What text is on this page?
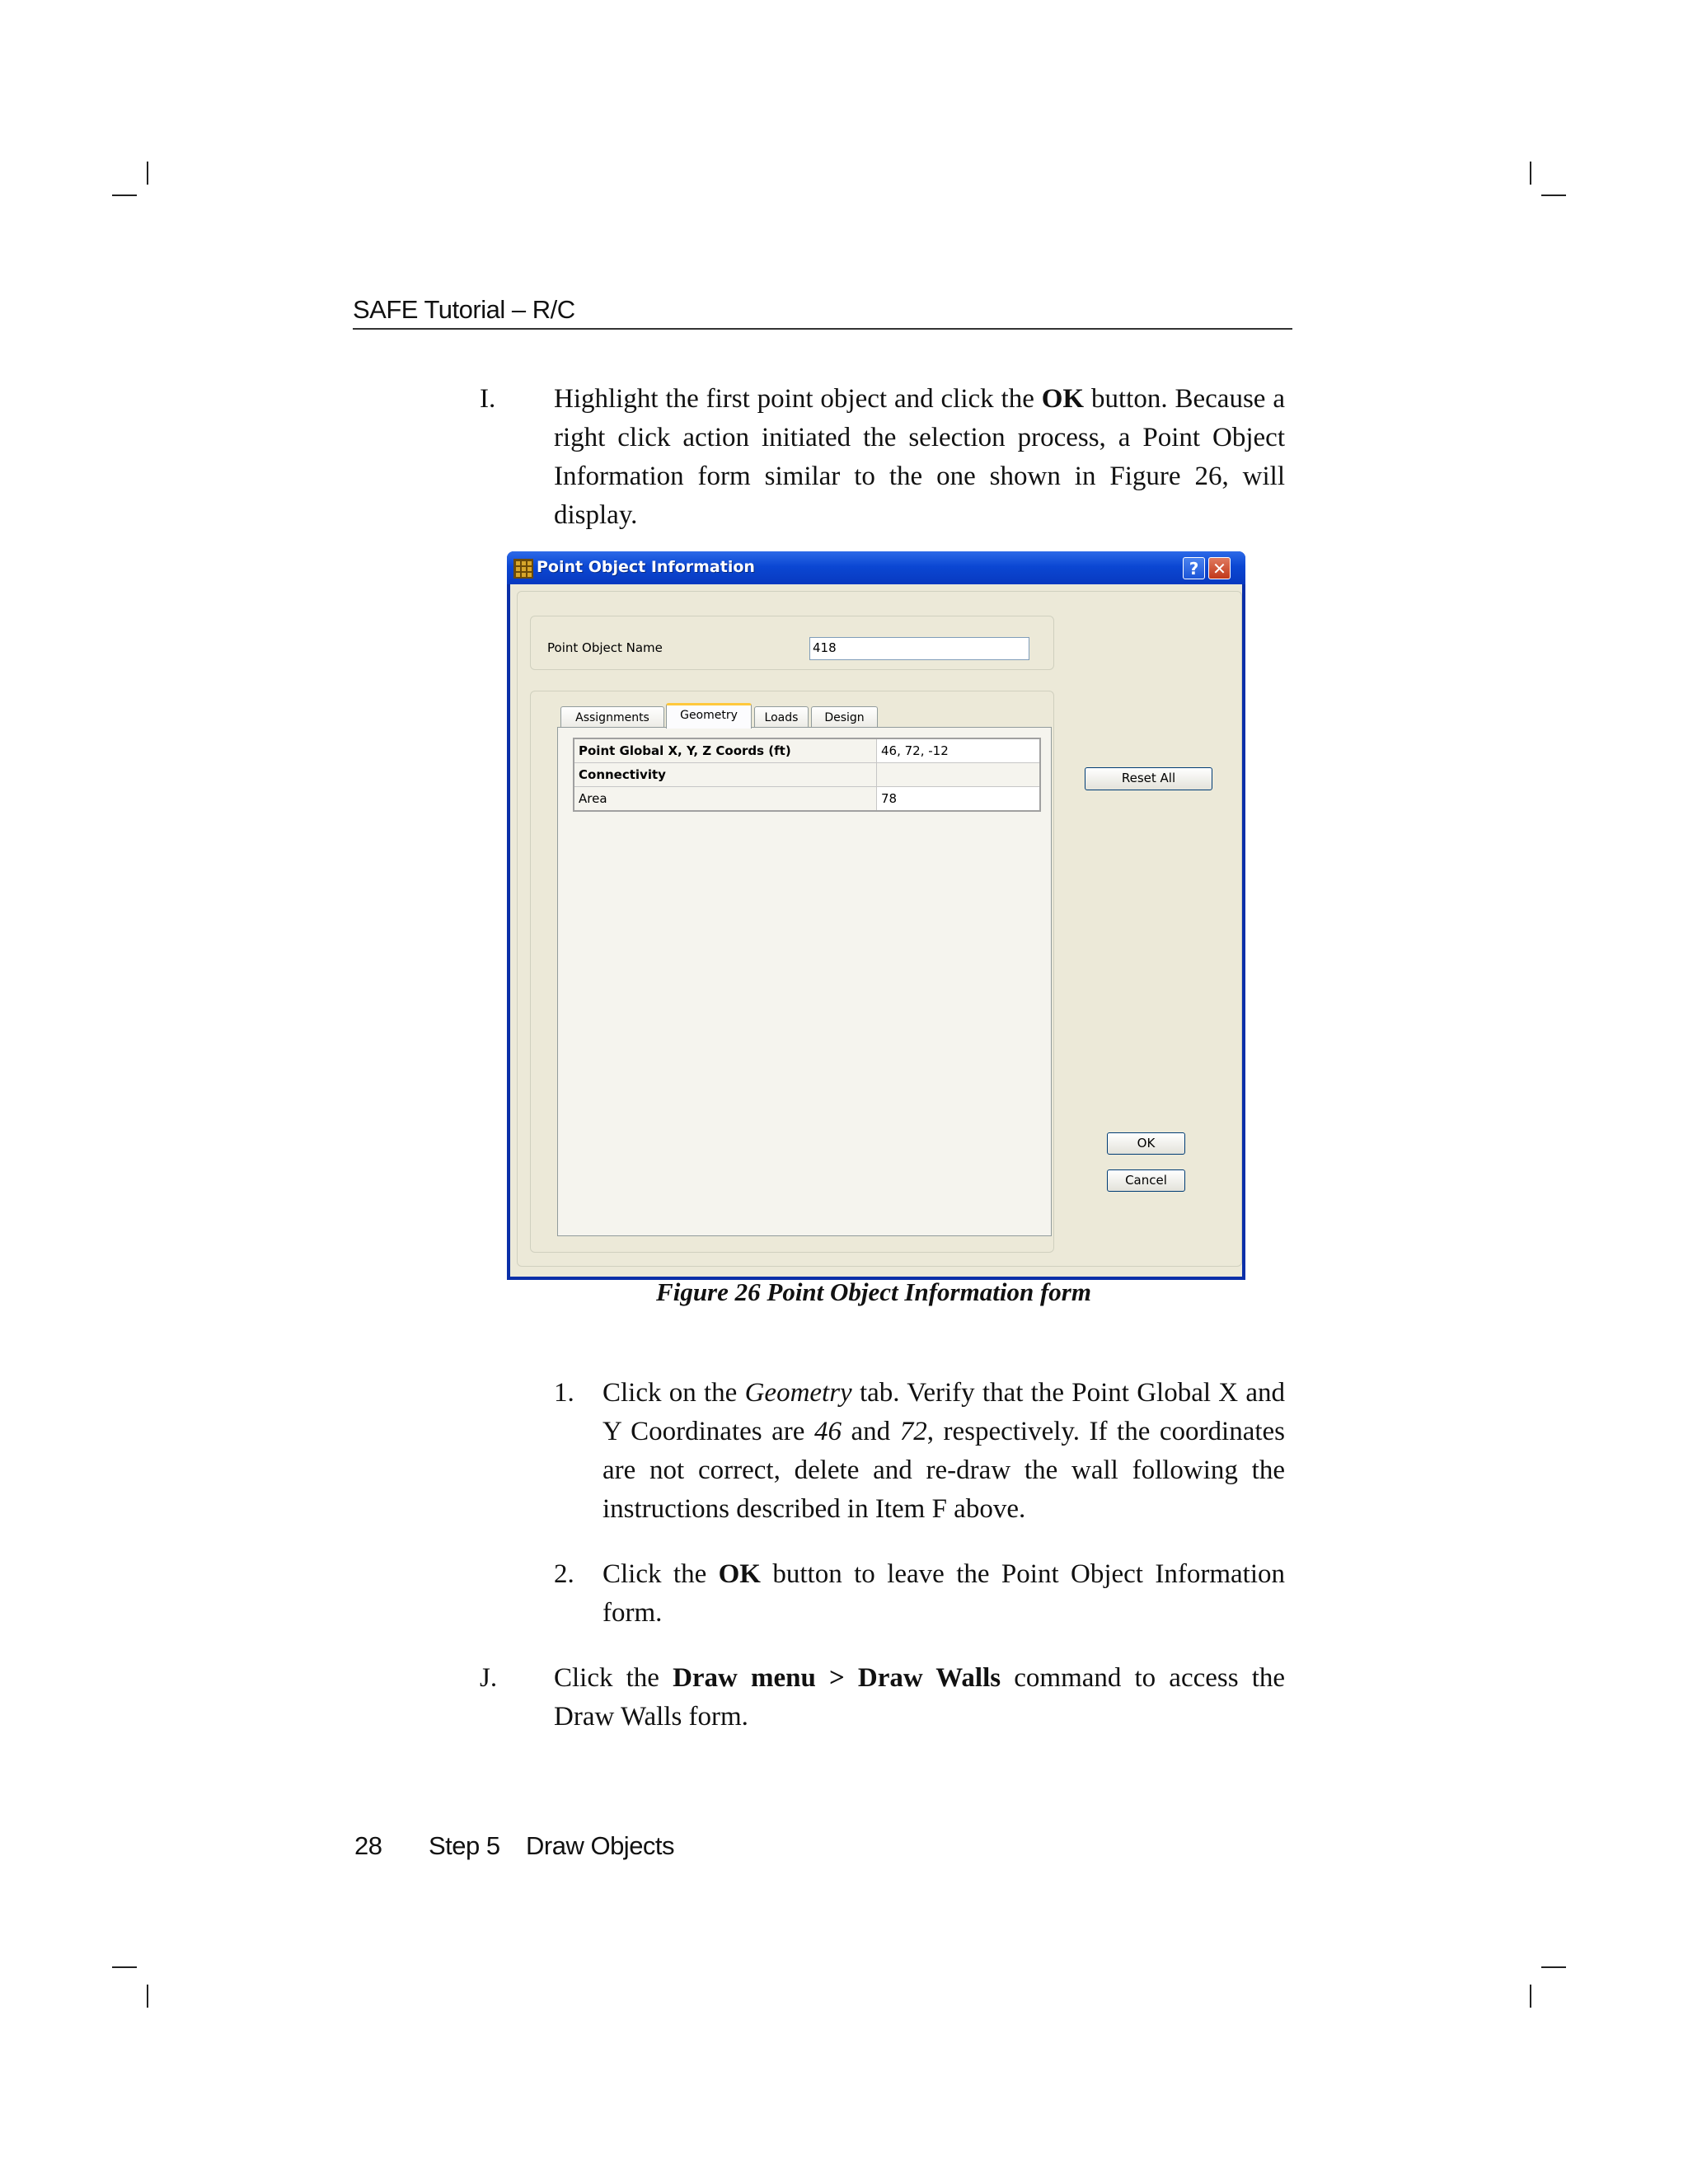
SAFE Tutorial – R/C
I. Highlight the first point object and click the OK button. Because a right click action initiated the selection process, a Point Object Information form similar to the one shown in Figure 26, will display.
Point Object Information	? ✕
Point Object Name	418
Assignments	Geometry	Loads	Design
Point Global X, Y, Z Coords (ft)	46, 72, -12
Connectivity	
Area	78
Reset All
OK
Cancel
Figure 26 Point Object Information form
1. Click on the Geometry tab. Verify that the Point Global X and Y Coordinates are 46 and 72, respectively. If the coordinates are not correct, delete and re-draw the wall following the instructions described in Item F above.
2. Click the OK button to leave the Point Object Information form.
J. Click the Draw menu > Draw Walls command to access the Draw Walls form.
28 Step 5 Draw Objects
